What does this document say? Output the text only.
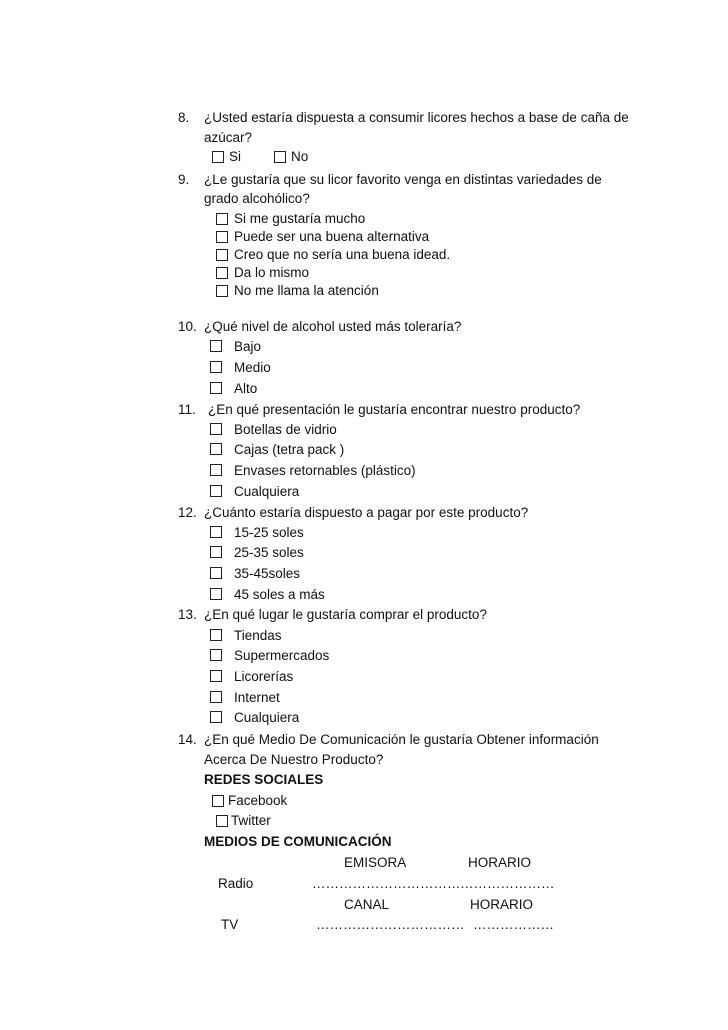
8. ¿Usted estaría dispuesta a consumir licores hechos a base de caña de
azúcar?
Si	No
9. ¿Le gustaría que su licor favorito venga en distintas variedades de
grado alcohólico?
Si me gustaría mucho
Puede ser una buena alternativa
Creo que no sería una buena idead.
Da lo mismo
No me llama la atención
10. ¿Qué nivel de alcohol usted más toleraría?
Bajo
Medio
Alto
11. ¿En qué presentación le gustaría encontrar nuestro producto?
Botellas de vidrio
Cajas (tetra pack )
Envases retornables (plástico)
Cualquiera
12. ¿Cuánto estaría dispuesto a pagar por este producto?
15-25 soles
25-35 soles
35-45soles
45 soles a más
13. ¿En qué lugar le gustaría comprar el producto?
Tiendas
Supermercados
Licorerías
Internet
Cualquiera
14. ¿En qué Medio De Comunicación le gustaría Obtener información
Acerca De Nuestro Producto?
REDES SOCIALES
Facebook
Twitter
MEDIOS DE COMUNICACIÓN
EMISORA	HORARIO
Radio	…………………………… …………………
CANAL	HORARIO
TV	…………………………… ………………
